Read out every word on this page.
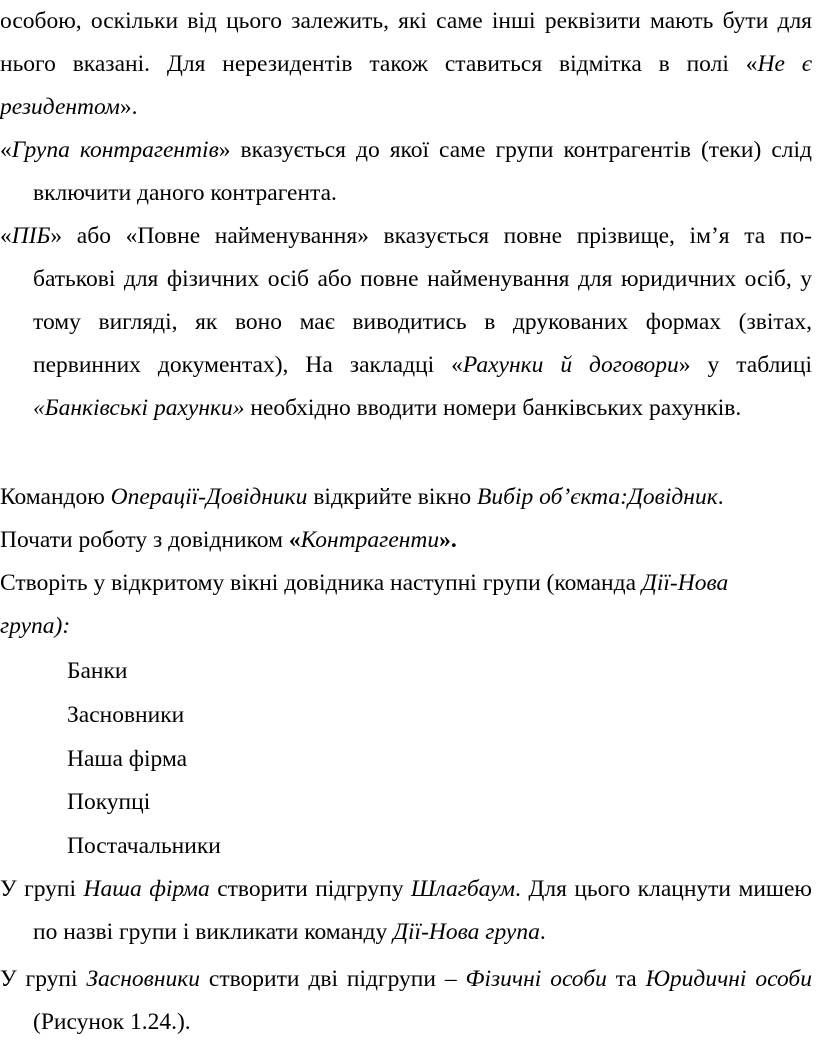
особою, оскільки від цього залежить, які саме інші реквізити мають бути для нього вказані. Для нерезидентів також ставиться відмітка в полі «Не є резидентом».

«Група контрагентів» вказується до якої саме групи контрагентів (теки) слід включити даного контрагента.

«ПІБ» або «Повне найменування» вказується повне прізвище, ім’я та по-батькові для фізичних осіб або повне найменування для юридичних осіб, у тому вигляді, як воно має виводитись в друкованих формах (звітах, первинних документах), На закладці «Рахунки й договори» у таблиці «Банківські рахунки» необхідно вводити номери банківських рахунків.

Командою Операції-Довідники відкрийте вікно Вибір об’єкта:Довідник.

Почати роботу з довідником «Контрагенти».

Створіть у відкритому вікні довідника наступні групи (команда Дії-Нова група):

Банки

Засновники

Наша фірма

Покупці

Постачальники

У групі Наша фірма створити підгрупу Шлагбаум. Для цього клацнути мишею по назві групи і викликати команду Дії-Нова група.

У групі Засновники створити дві підгрупи – Фізичні особи та Юридичні особи (Рисунок 1.24.).
